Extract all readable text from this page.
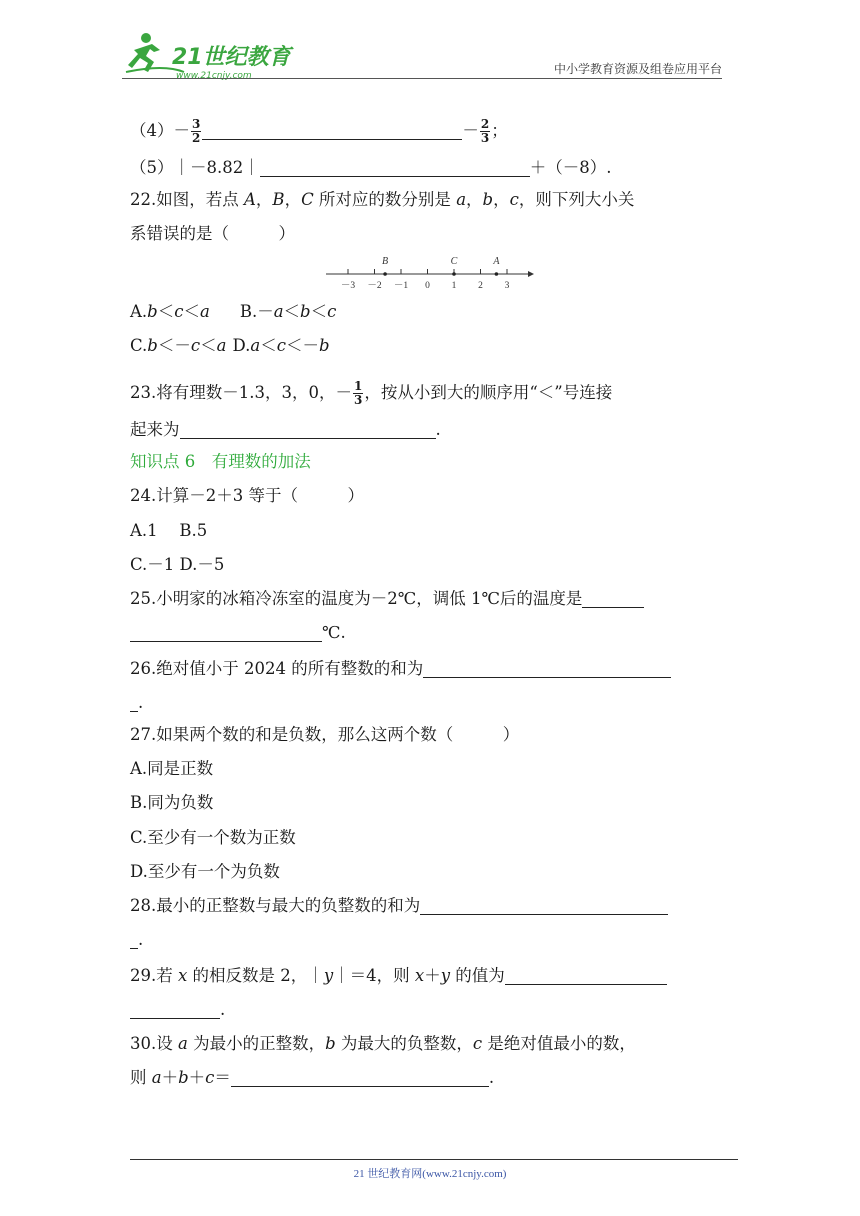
21世纪教育
www.21cnjy.com	中小学教育资源及组卷应用平台
$(4)- \frac{3}{2}$	－ $\frac{2}{3}$ ；
（5）｜－8.82｜	＋（－8）.
22.如图，若点 A，B，C 所对应的数分别是 a，b，c，则下列大小关
系错误的是（　　　）
－3 －2 －1 0 1 2 3
B	C	A
A.b＜c＜a B.－a＜b＜c
C.b＜－c＜a D.a＜c＜－b
23.将有理数－1.3，3，0，－ $\frac{1}{3}$ ，按从小到大的顺序用“＜”号连接
起来为	.
知识点 6　有理数的加法
24.计算－2＋3 等于（　　　）
A.1　 B.5
C.－1 D.－5
25.小明家的冰箱冷冻室的温度为－2℃，调低 1℃后的温度是
℃.
26.绝对值小于 2024 的所有整数的和为
.
27.如果两个数的和是负数，那么这两个数（　　　）
A.同是正数
B.同为负数
C.至少有一个数为正数
D.至少有一个为负数
28.最小的正整数与最大的负整数的和为
.
29.若 x 的相反数是 2，｜y｜＝4，则 x＋y 的值为
.
30.设 a 为最小的正整数，b 为最大的负整数，c 是绝对值最小的数，
则 a＋b＋c＝	.
21 世纪教育网(www.21cnjy.com)
